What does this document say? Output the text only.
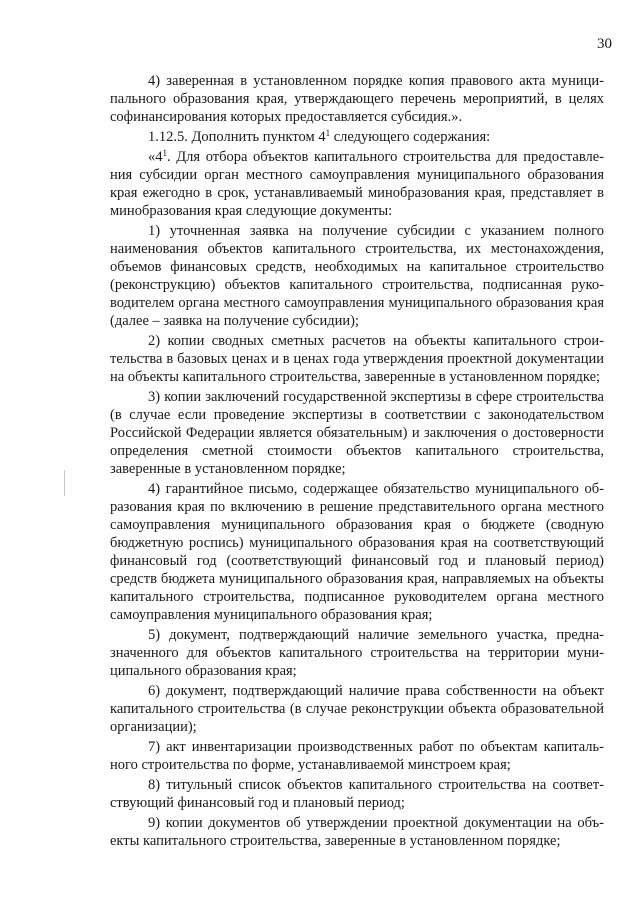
30

4) заверенная в установленном порядке копия правового акта муниципального образования края, утверждающего перечень мероприятий, в целях софинансирования которых предоставляется субсидия.».

1.12.5. Дополнить пунктом $4^1$ следующего содержания:

«$4^1$. Для отбора объектов капитального строительства для предоставления субсидии орган местного самоуправления муниципального образования края ежегодно в срок, устанавливаемый минобразования края, представляет в минобразования края следующие документы:

1) уточненная заявка на получение субсидии с указанием полного наименования объектов капитального строительства, их местонахождения, объемов финансовых средств, необходимых на капитальное строительство (реконструкцию) объектов капитального строительства, подписанная руководителем органа местного самоуправления муниципального образования края (далее – заявка на получение субсидии);

2) копии сводных сметных расчетов на объекты капитального строительства в базовых ценах и в ценах года утверждения проектной документации на объекты капитального строительства, заверенные в установленном порядке;

3) копии заключений государственной экспертизы в сфере строительства (в случае если проведение экспертизы в соответствии с законодательством Российской Федерации является обязательным) и заключения о достоверности определения сметной стоимости объектов капитального строительства, заверенные в установленном порядке;

4) гарантийное письмо, содержащее обязательство муниципального образования края по включению в решение представительного органа местного самоуправления муниципального образования края о бюджете (сводную бюджетную роспись) муниципального образования края на соответствующий финансовый год (соответствующий финансовый год и плановый период) средств бюджета муниципального образования края, направляемых на объекты капитального строительства, подписанное руководителем органа местного самоуправления муниципального образования края;

5) документ, подтверждающий наличие земельного участка, предназначенного для объектов капитального строительства на территории муниципального образования края;

6) документ, подтверждающий наличие права собственности на объект капитального строительства (в случае реконструкции объекта образовательной организации);

7) акт инвентаризации производственных работ по объектам капитального строительства по форме, устанавливаемой минстроем края;

8) титульный список объектов капитального строительства на соответствующий финансовый год и плановый период;

9) копии документов об утверждении проектной документации на объекты капитального строительства, заверенные в установленном порядке;
